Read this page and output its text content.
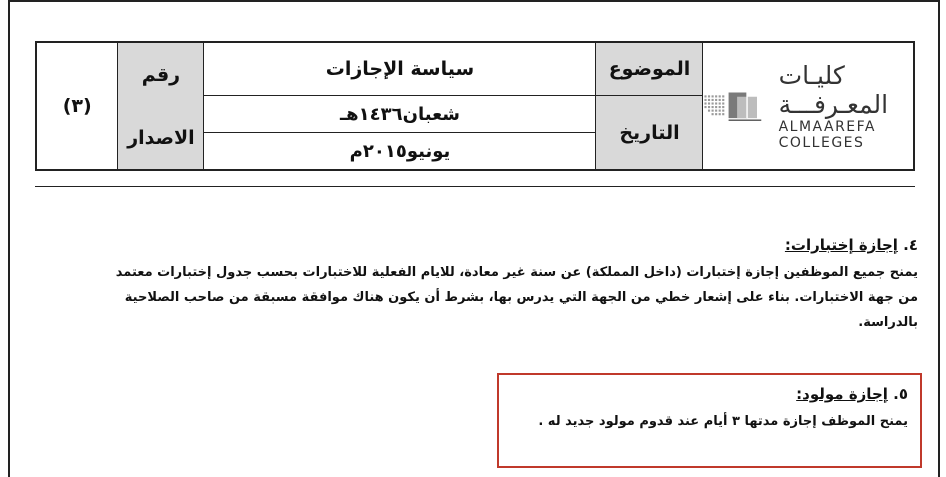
(٣)
رقم
الاصدار
سياسة الإجازات	الموضوع
شعبان١٤٣٦هـ
يونيو٢٠١٥م
التاريخ
كليـات المعـرفـــة
ALMAAREFA COLLEGES
٤. إجازة إختبارات:
يمنح جميع الموظفين إجازة إختبارات (داخل المملكة) عن سنة غير معادة، للايام الفعلية للاختبارات بحسب جدول إختبارات معتمد
من جهة الاختبارات. بناء على إشعار خطي من الجهة التي يدرس بها، بشرط أن يكون هناك موافقة مسبقة من صاحب الصلاحية
بالدراسة.
٥. إجازة مولود:
يمنح الموظف إجازة مدتها ٣ أيام عند قدوم مولود جديد له .
